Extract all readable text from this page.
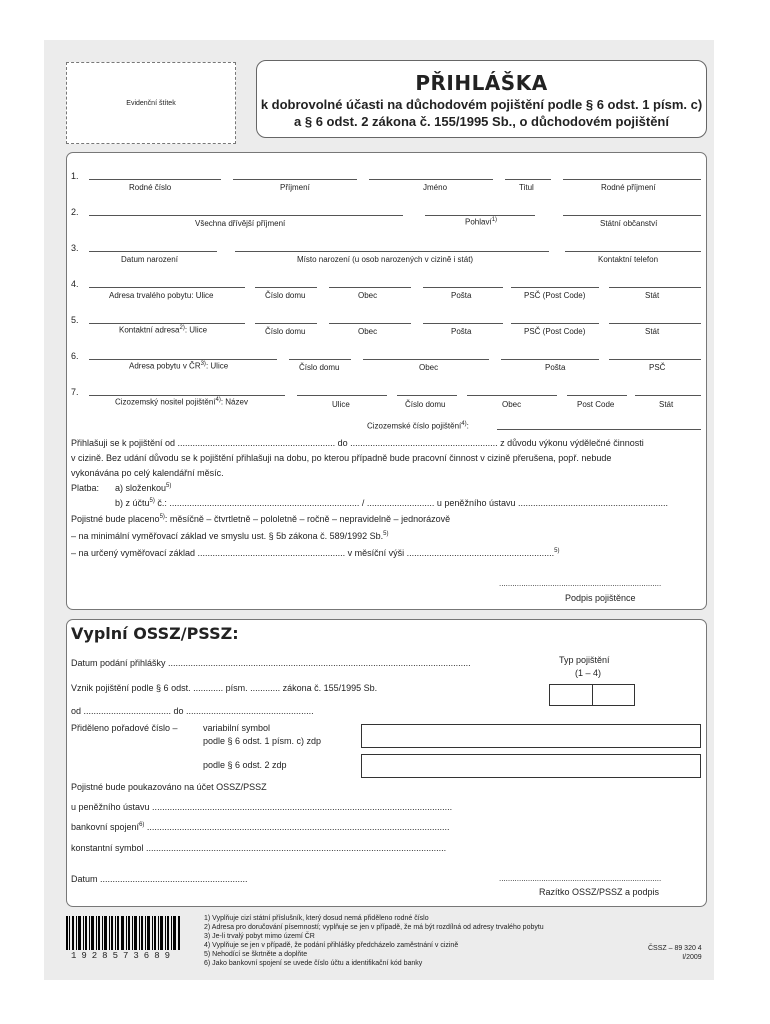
Evidenční štítek
PŘIHLÁŠKA
k dobrovolné účasti na důchodovém pojištění podle § 6 odst. 1 písm. c)
a § 6 odst. 2 zákona č. 155/1995 Sb., o důchodovém pojištění
1.
Rodné číslo	Příjmení	Jméno	Titul	Rodné příjmení
2.
Všechna dřívější příjmení	Pohlaví$^{1)}$	Státní občanství
3.
Datum narození	Místo narození (u osob narozených v cizině i stát)	Kontaktní telefon
4.
Adresa trvalého pobytu: Ulice	Číslo domu	Obec	Pošta	PSČ (Post Code)	Stát
5.
Kontaktní adresa$^{2)}$: Ulice	Číslo domu	Obec	Pošta	PSČ (Post Code)	Stát
6.
Adresa pobytu v ČR$^{3)}$: Ulice	Číslo domu	Obec	Pošta	PSČ
7.
Cizozemský nositel pojištění$^{4)}$: Název	Ulice	Číslo domu	Obec	Post Code	Stát
Cizozemské číslo pojištění$^{4)}$:
Přihlašuji se k pojištění od ............................................................... do ........................................................... z důvodu výkonu výdělečné činnosti
v cizině. Bez udání důvodu se k pojištění přihlašuji na dobu, po kterou případně bude pracovní činnost v cizině přerušena, popř. nebude
vykonávána po celý kalendářní měsíc.
Platba: a) složenkou$^{5)}$
b) z účtu$^{5)}$ č.: ............................................................................ / ........................... u peněžního ústavu ............................................................
Pojistné bude placeno$^{5)}$: měsíčně – čtvrtletně – pololetně – ročně – nepravidelně – jednorázově
– na minimální vyměřovací základ ve smyslu ust. § 5b zákona č. 589/1992 Sb.$^{5)}$
– na určený vyměřovací základ ........................................................... v měsíční výši ...........................................................$^{5)}$
.........................................................................
Podpis pojištěnce
Vyplní OSSZ/PSSZ:
Datum podání přihlášky .........................................................................................................................	Typ pojištění
(1 – 4)
Vznik pojištění podle § 6 odst. ............ písm. ............ zákona č. 155/1995 Sb.
od ................................... do ...................................................
Přiděleno pořadové číslo –	variabilní symbol
podle § 6 odst. 1 písm. c) zdp
podle § 6 odst. 2 zdp
Pojistné bude poukazováno na účet OSSZ/PSSZ
u peněžního ústavu ........................................................................................................................
bankovní spojení$^{6)}$ .........................................................................................................................
konstantní symbol ........................................................................................................................
Datum ...........................................................	.........................................................................
Razítko OSSZ/PSSZ a podpis
1928573689
1) Vyplňuje cizí státní příslušník, který dosud nemá přiděleno rodné číslo
2) Adresa pro doručování písemností; vyplňuje se jen v případě, že má být rozdílná od adresy trvalého pobytu
3) Je-li trvalý pobyt mimo území ČR
4) Vyplňuje se jen v případě, že podání přihlášky předcházelo zaměstnání v cizině
5) Nehodící se škrtněte a doplňte
6) Jako bankovní spojení se uvede číslo účtu a identifikační kód banky
ČSSZ – 89 320 4
I/2009
